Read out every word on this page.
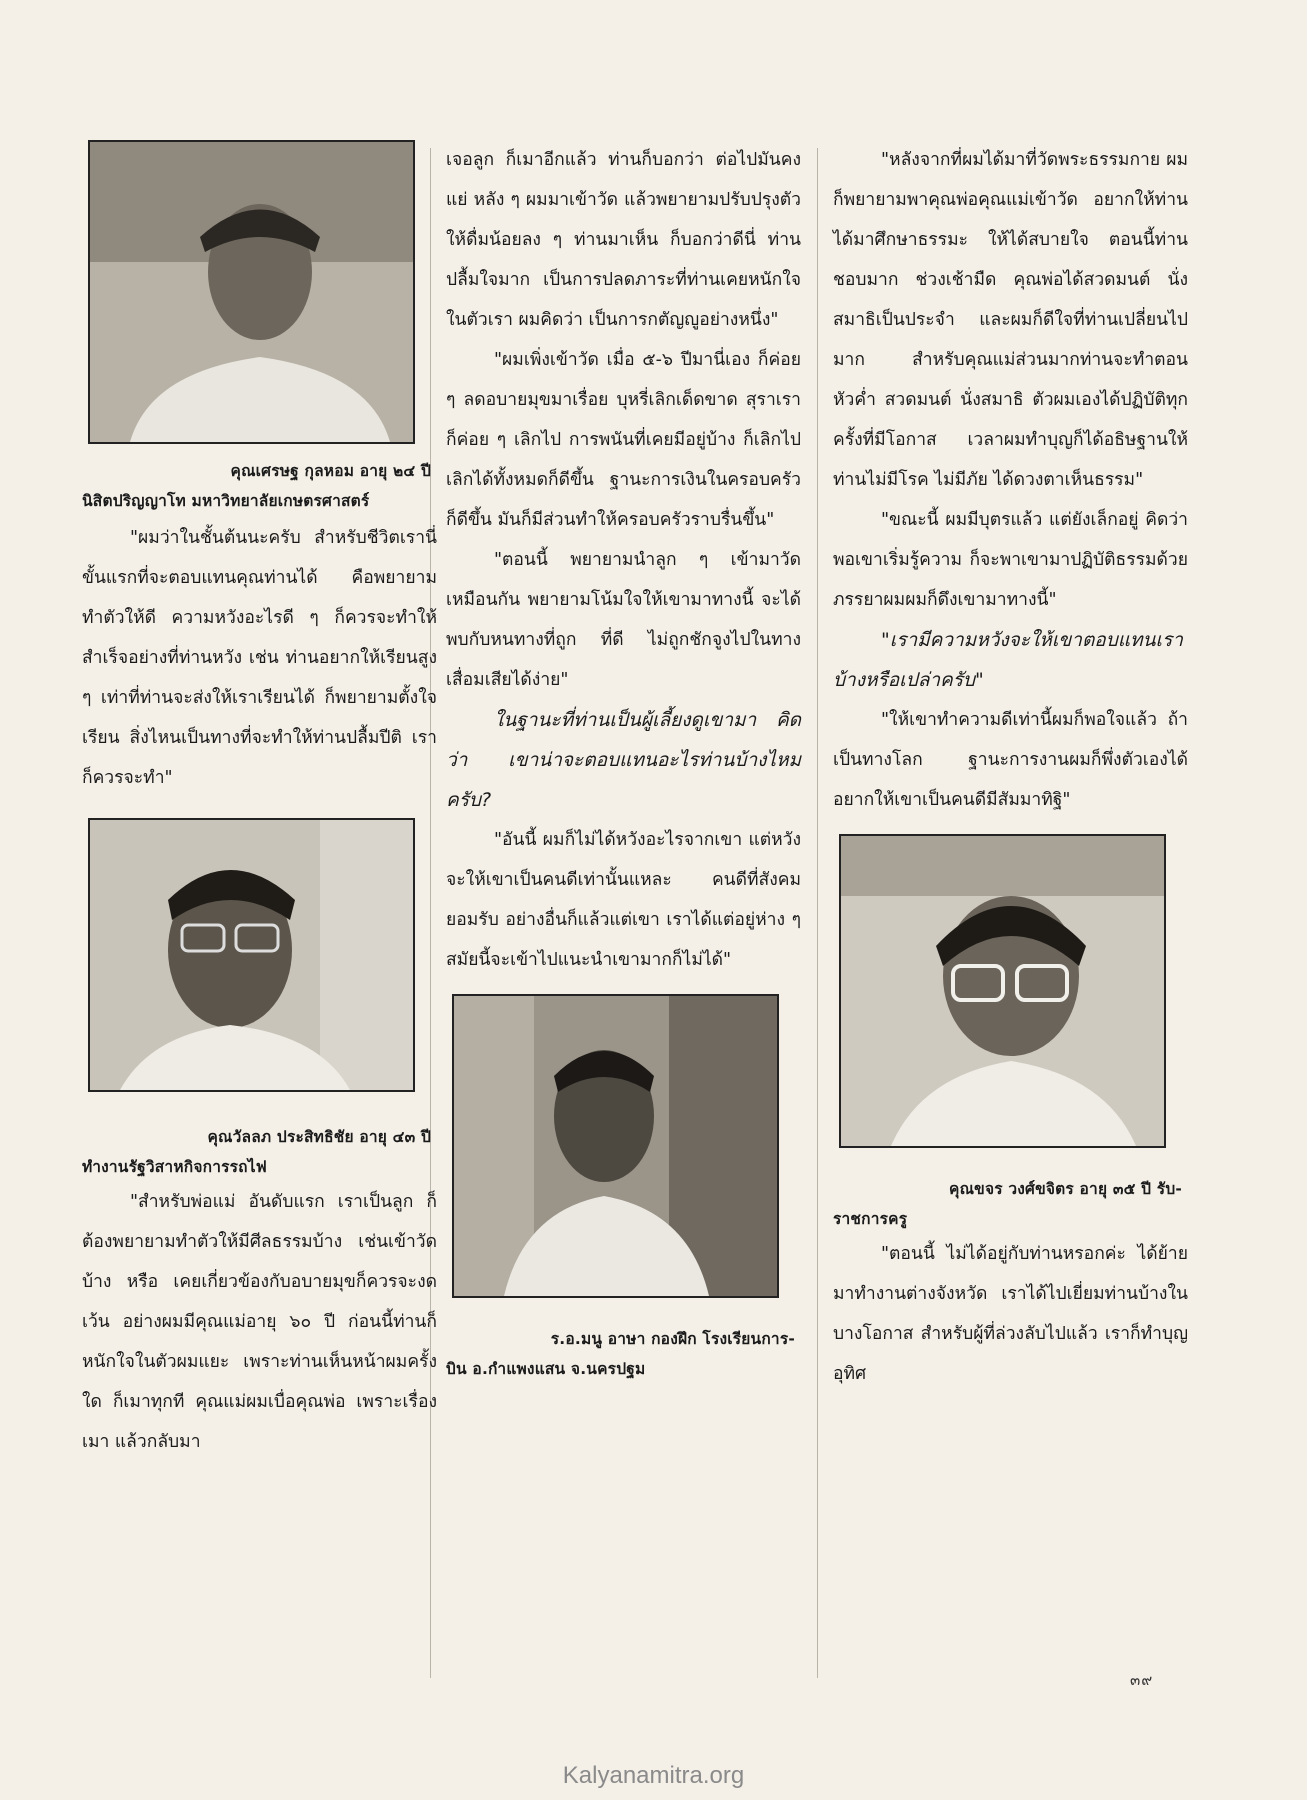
คุณเศรษฐ กุลหอม อายุ ๒๔ ปี
นิสิตปริญญาโท มหาวิทยาลัยเกษตรศาสตร์

"ผมว่าในชั้นต้นนะครับ สำหรับชีวิตเรานี่ ขั้นแรกที่จะตอบแทนคุณท่านได้ คือพยายามทำตัวให้ดี ความหวังอะไรดี ๆ ก็ควรจะทำให้สำเร็จอย่างที่ท่านหวัง เช่น ท่านอยากให้เรียนสูง ๆ เท่าที่ท่านจะส่งให้เราเรียนได้ ก็พยายามตั้งใจเรียน สิ่งไหนเป็นทางที่จะทำให้ท่านปลื้มปีติ เราก็ควรจะทำ"

คุณวัลลภ ประสิทธิชัย อายุ ๔๓ ปี
ทำงานรัฐวิสาหกิจการรถไฟ

"สำหรับพ่อแม่ อันดับแรก เราเป็นลูก ก็ต้องพยายามทำตัวให้มีศีลธรรมบ้าง เช่นเข้าวัดบ้าง หรือ เคยเกี่ยวข้องกับอบายมุขก็ควรจะงดเว้น อย่างผมมีคุณแม่อายุ ๖๐ ปี ก่อนนี้ท่านก็หนักใจในตัวผมแยะ เพราะท่านเห็นหน้าผมครั้งใด ก็เมาทุกที คุณแม่ผมเบื่อคุณพ่อ เพราะเรื่องเมา แล้วกลับมา

เจอลูก ก็เมาอีกแล้ว ท่านก็บอกว่า ต่อไปมันคงแย่ หลัง ๆ ผมมาเข้าวัด แล้วพยายามปรับปรุงตัวให้ดื่มน้อยลง ๆ ท่านมาเห็น ก็บอกว่าดีนี่ ท่านปลื้มใจมาก เป็นการปลดภาระที่ท่านเคยหนักใจในตัวเรา ผมคิดว่า เป็นการกตัญญูอย่างหนึ่ง"

"ผมเพิ่งเข้าวัด เมื่อ ๕-๖ ปีมานี่เอง ก็ค่อย ๆ ลดอบายมุขมาเรื่อย บุหรี่เลิกเด็ดขาด สุราเราก็ค่อย ๆ เลิกไป การพนันที่เคยมีอยู่บ้าง ก็เลิกไป เลิกได้ทั้งหมดก็ดีขึ้น ฐานะการเงินในครอบครัวก็ดีขึ้น มันก็มีส่วนทำให้ครอบครัวราบรื่นขึ้น"

"ตอนนี้ พยายามนำลูก ๆ เข้ามาวัดเหมือนกัน พยายามโน้มใจให้เขามาทางนี้ จะได้พบกับหนทางที่ถูก ที่ดี ไม่ถูกชักจูงไปในทางเสื่อมเสียได้ง่าย"

ในฐานะที่ท่านเป็นผู้เลี้ยงดูเขามา คิดว่า เขาน่าจะตอบแทนอะไรท่านบ้างไหมครับ?

"อันนี้ ผมก็ไม่ได้หวังอะไรจากเขา แต่หวังจะให้เขาเป็นคนดีเท่านั้นแหละ คนดีที่สังคมยอมรับ อย่างอื่นก็แล้วแต่เขา เราได้แต่อยู่ห่าง ๆ สมัยนี้จะเข้าไปแนะนำเขามากก็ไม่ได้"

ร.อ.มนู อาษา กองฝึก โรงเรียนการ-
บิน อ.กำแพงแสน จ.นครปฐม

"หลังจากที่ผมได้มาที่วัดพระธรรมกาย ผมก็พยายามพาคุณพ่อคุณแม่เข้าวัด อยากให้ท่านได้มาศึกษาธรรมะ ให้ได้สบายใจ ตอนนี้ท่านชอบมาก ช่วงเช้ามืด คุณพ่อได้สวดมนต์ นั่งสมาธิเป็นประจำ และผมก็ดีใจที่ท่านเปลี่ยนไปมาก สำหรับคุณแม่ส่วนมากท่านจะทำตอนหัวค่ำ สวดมนต์ นั่งสมาธิ ตัวผมเองได้ปฏิบัติทุกครั้งที่มีโอกาส เวลาผมทำบุญก็ได้อธิษฐานให้ท่านไม่มีโรค ไม่มีภัย ได้ดวงตาเห็นธรรม"

"ขณะนี้ ผมมีบุตรแล้ว แต่ยังเล็กอยู่ คิดว่า พอเขาเริ่มรู้ความ ก็จะพาเขามาปฏิบัติธรรมด้วย ภรรยาผมผมก็ดึงเขามาทางนี้"

"เรามีความหวังจะให้เขาตอบแทนเราบ้างหรือเปล่าครับ"

"ให้เขาทำความดีเท่านี้ผมก็พอใจแล้ว ถ้าเป็นทางโลก ฐานะการงานผมก็พึ่งตัวเองได้ อยากให้เขาเป็นคนดีมีสัมมาทิฐิ"

คุณขจร วงศ์ขจิตร อายุ ๓๕ ปี รับ-
ราชการครู

"ตอนนี้ ไม่ได้อยู่กับท่านหรอกค่ะ ได้ย้ายมาทำงานต่างจังหวัด เราได้ไปเยี่ยมท่านบ้างในบางโอกาส สำหรับผู้ที่ล่วงลับไปแล้ว เราก็ทำบุญอุทิศ

๓๙
Kalyanamitra.org
